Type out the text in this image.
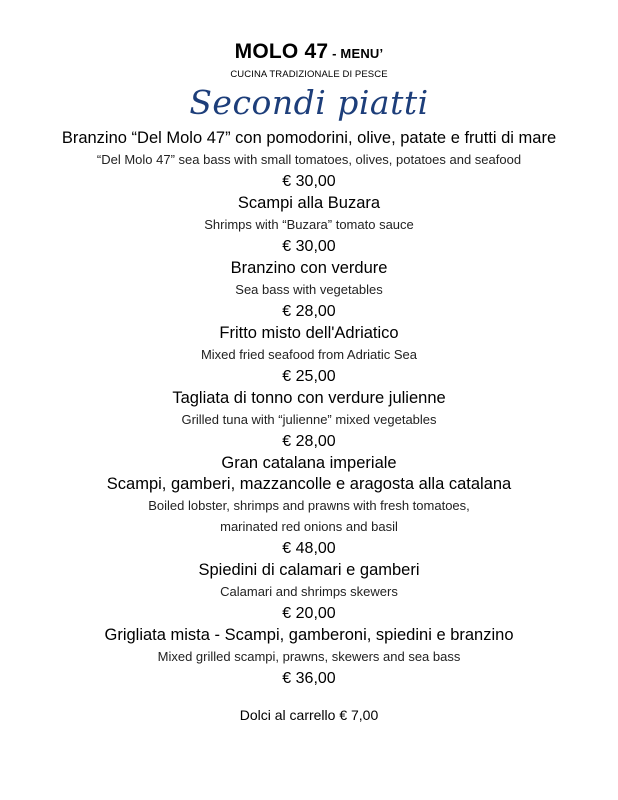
MOLO 47 - MENU’
CUCINA TRADIZIONALE DI PESCE
Secondi piatti
Branzino “Del Molo 47” con pomodorini, olive, patate e frutti di mare
“Del Molo 47” sea bass with small tomatoes, olives, potatoes and seafood
€ 30,00
Scampi alla Buzara
Shrimps with “Buzara” tomato sauce
€ 30,00
Branzino con verdure
Sea bass with vegetables
€ 28,00
Fritto misto dell'Adriatico
Mixed fried seafood from Adriatic Sea
€ 25,00
Tagliata di tonno con verdure julienne
Grilled tuna with “julienne” mixed vegetables
€ 28,00
Gran catalana imperiale
Scampi, gamberi, mazzancolle e aragosta alla catalana
Boiled lobster, shrimps and prawns with fresh tomatoes,
marinated red onions and basil
€ 48,00
Spiedini di calamari e gamberi
Calamari and shrimps skewers
€ 20,00
Grigliata mista - Scampi, gamberoni, spiedini e branzino
Mixed grilled scampi, prawns, skewers and sea bass
€ 36,00
Dolci al carrello € 7,00
